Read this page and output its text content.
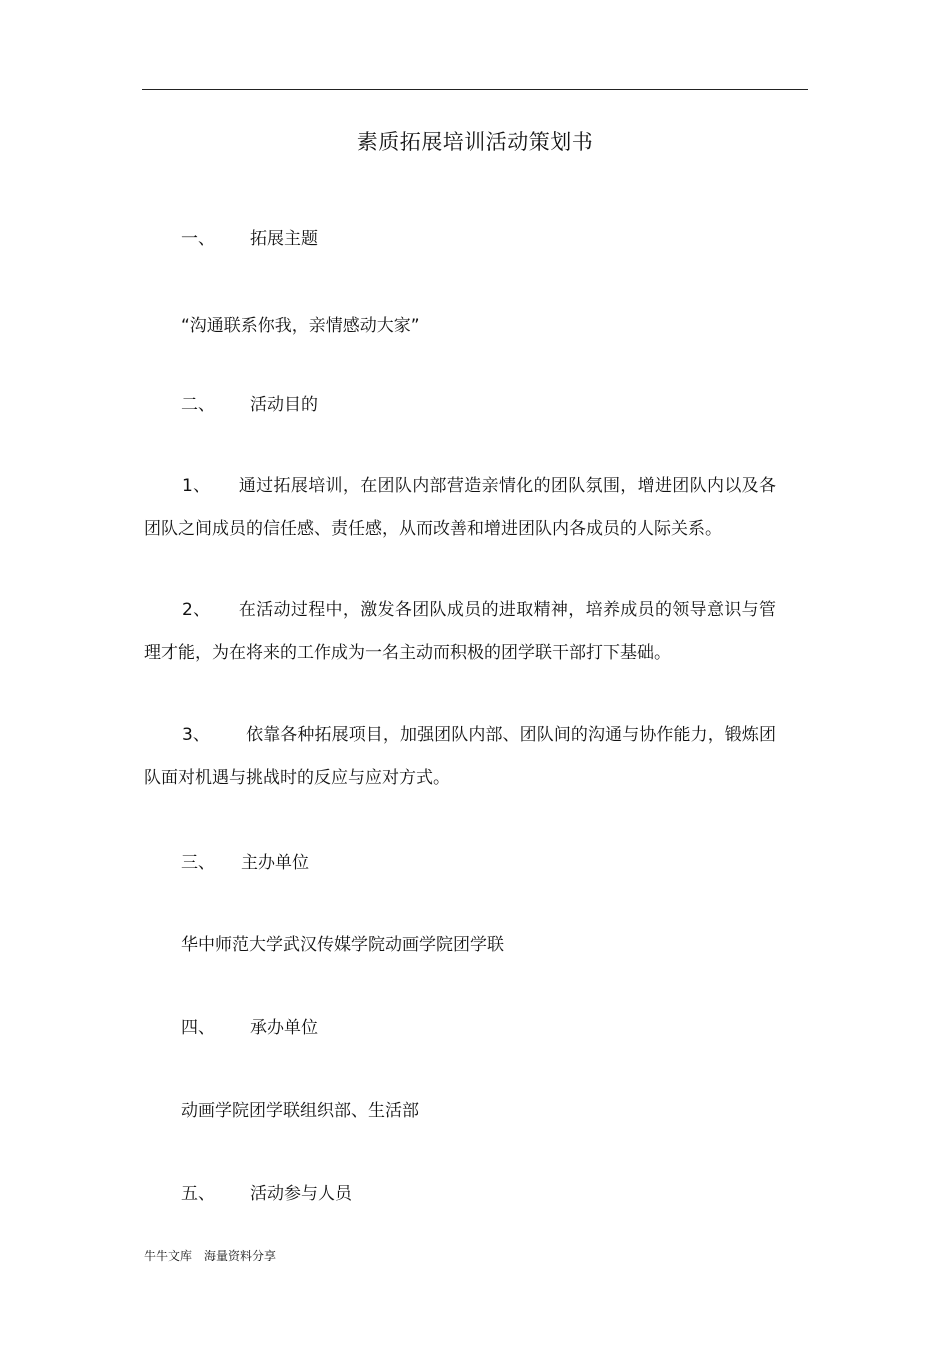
素质拓展培训活动策划书
一、 拓展主题
“沟通联系你我，亲情感动大家”
二、 活动目的
1、 通过拓展培训，在团队内部营造亲情化的团队氛围，增进团队内以及各团队之间成员的信任感、责任感，从而改善和增进团队内各成员的人际关系。
2、 在活动过程中，激发各团队成员的进取精神，培养成员的领导意识与管理才能，为在将来的工作成为一名主动而积极的团学联干部打下基础。
3、 依靠各种拓展项目，加强团队内部、团队间的沟通与协作能力，锻炼团队面对机遇与挑战时的反应与应对方式。
三、 主办单位
华中师范大学武汉传媒学院动画学院团学联
四、 承办单位
动画学院团学联组织部、生活部
五、 活动参与人员
牛牛文库 海量资料分享
